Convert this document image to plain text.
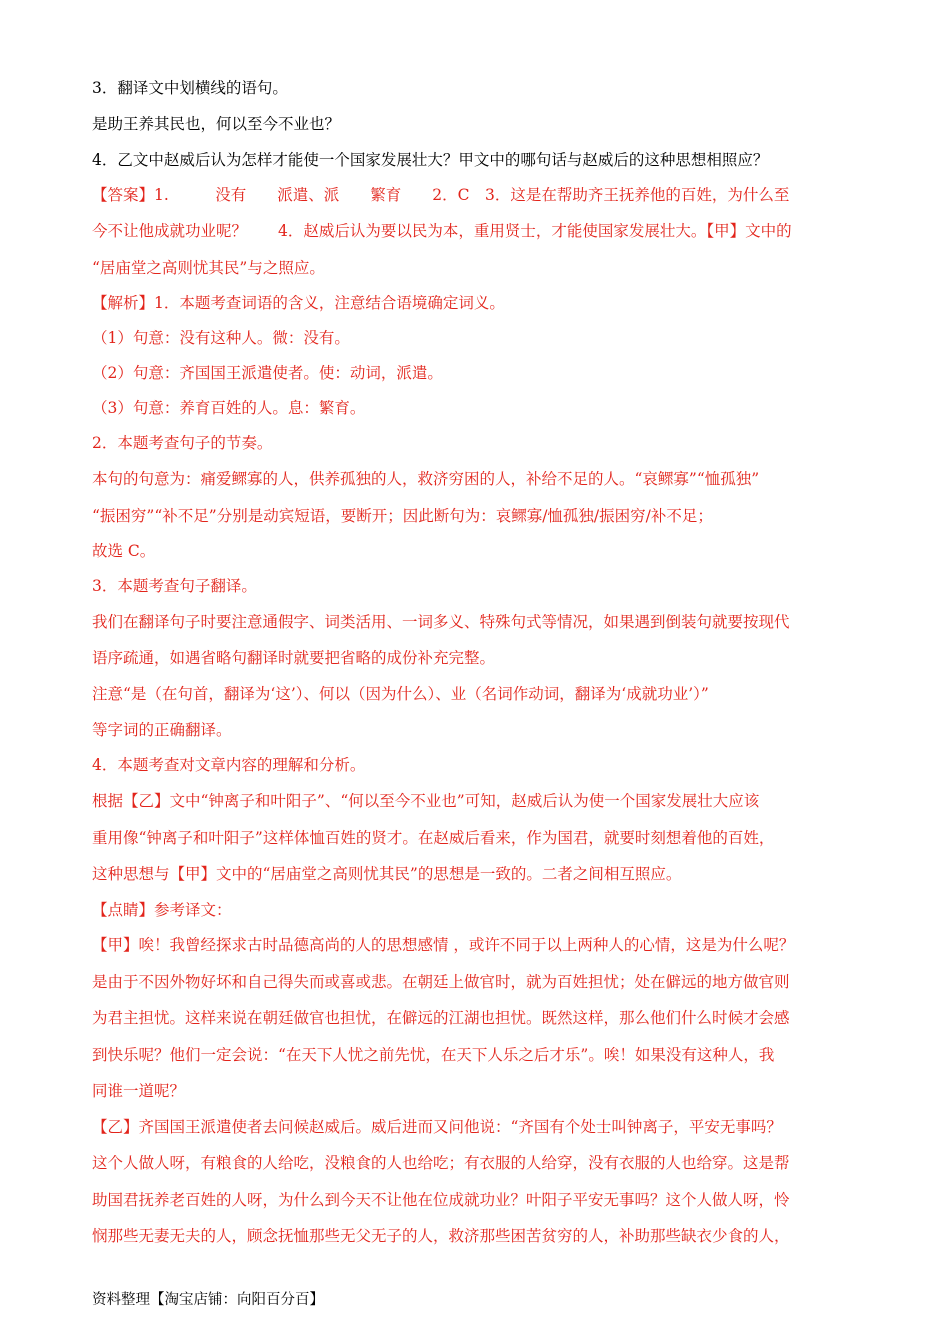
3．翻译文中划横线的语句。
是助王养其民也，何以至今不业也？
4．乙文中赵威后认为怎样才能使一个国家发展壮大？甲文中的哪句话与赵威后的这种思想相照应？
【答案】1.　　　没有　　派遣、派　　繁育　　2．C　3．这是在帮助齐王抚养他的百姓，为什么至
今不让他成就功业呢？　　4．赵威后认为要以民为本，重用贤士，才能使国家发展壮大。【甲】文中的
“居庙堂之高则忧其民”与之照应。
【解析】1．本题考查词语的含义，注意结合语境确定词义。
（1）句意：没有这种人。微：没有。
（2）句意：齐国国王派遣使者。使：动词，派遣。
（3）句意：养育百姓的人。息：繁育。
2．本题考查句子的节奏。
本句的句意为：痛爱鳏寡的人，供养孤独的人，救济穷困的人，补给不足的人。“哀鳏寡”“恤孤独”
“振困穷”“补不足”分别是动宾短语，要断开；因此断句为：哀鳏寡/恤孤独/振困穷/补不足；
故选 C。
3．本题考查句子翻译。
我们在翻译句子时要注意通假字、词类活用、一词多义、特殊句式等情况，如果遇到倒装句就要按现代
语序疏通，如遇省略句翻译时就要把省略的成份补充完整。
注意“是（在句首，翻译为‘这’）、何以（因为什么）、业（名词作动词，翻译为‘成就功业’）”
等字词的正确翻译。
4．本题考查对文章内容的理解和分析。
根据【乙】文中“钟离子和叶阳子”、“何以至今不业也”可知，赵威后认为使一个国家发展壮大应该
重用像“钟离子和叶阳子”这样体恤百姓的贤才。在赵威后看来，作为国君，就要时刻想着他的百姓，
这种思想与【甲】文中的“居庙堂之高则忧其民”的思想是一致的。二者之间相互照应。
【点睛】参考译文：
【甲】唉！我曾经探求古时品德高尚的人的思想感情 ，或许不同于以上两种人的心情，这是为什么呢？
是由于不因外物好坏和自己得失而或喜或悲。在朝廷上做官时，就为百姓担忧；处在僻远的地方做官则
为君主担忧。这样来说在朝廷做官也担忧，在僻远的江湖也担忧。既然这样，那么他们什么时候才会感
到快乐呢？他们一定会说：“在天下人忧之前先忧，在天下人乐之后才乐”。唉！如果没有这种人，我
同谁一道呢？
【乙】齐国国王派遣使者去问候赵威后。威后进而又问他说：“齐国有个处士叫钟离子，平安无事吗？
这个人做人呀，有粮食的人给吃，没粮食的人也给吃；有衣服的人给穿，没有衣服的人也给穿。这是帮
助国君抚养老百姓的人呀，为什么到今天不让他在位成就功业？叶阳子平安无事吗？这个人做人呀，怜
悯那些无妻无夫的人，顾念抚恤那些无父无子的人，救济那些困苦贫穷的人，补助那些缺衣少食的人，
资料整理【淘宝店铺：向阳百分百】
